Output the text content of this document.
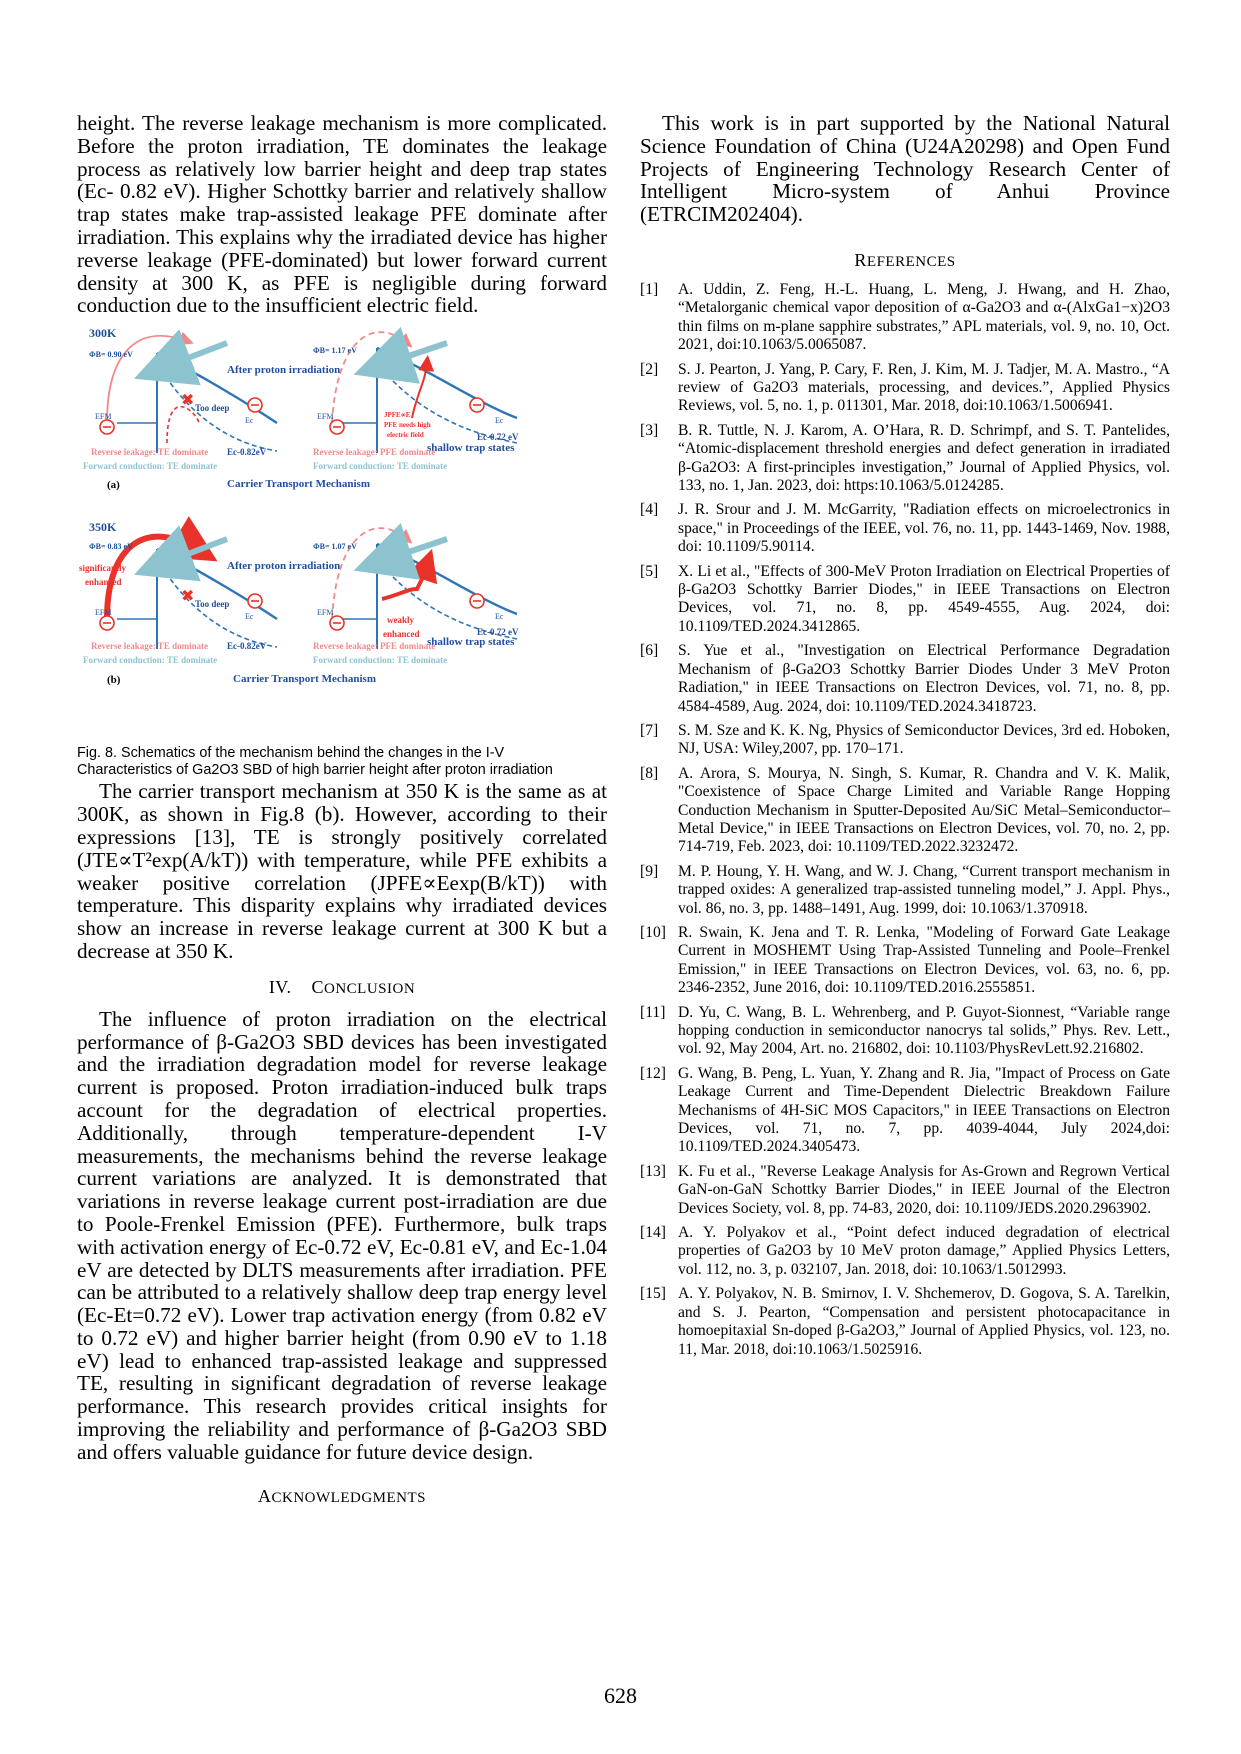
height. The reverse leakage mechanism is more complicated. Before the proton irradiation, TE dominates the leakage process as relatively low barrier height and deep trap states (Ec- 0.82 eV). Higher Schottky barrier and relatively shallow trap states make trap-assisted leakage PFE dominate after irradiation. This explains why the irradiated device has higher reverse leakage (PFE-dominated) but lower forward current density at 300 K, as PFE is negligible during forward conduction due to the insufficient electric field.

300K
✖
ΦB= 0.90 eV
Too deep
Ec
EFM
Ec-0.82eV
Reverse leakage: TE dominate
Forward conduction: TE dominate
After proton irradiation
ΦB= 1.17 eV
Ec
EFM	JPFE∝E
PFE needs high
electric field	Ec-0.72 eV
shallow trap states
Reverse leakage: PFE dominate
Forward conduction: TE dominate
(a)	Carrier Transport Mechanism
350K
✖
ΦB= 0.83 eV
significantly
enhanced
Too deep
Ec
EFM
Ec-0.82eV
Reverse leakage: TE dominate
Forward conduction: TE dominate
After proton irradiation
ΦB= 1.07 eV
Ec
EFM
weakly
enhanced	Ec-0.72 eV
shallow trap states
Reverse leakage: PFE dominate
Forward conduction: TE dominate
(b)	Carrier Transport Mechanism
Fig. 8. Schematics of the mechanism behind the changes in the I-V
Characteristics of Ga2O3 SBD of high barrier height after proton irradiation

The carrier transport mechanism at 350 K is the same as at 300K, as shown in Fig.8 (b). However, according to their expressions [13], TE is strongly positively correlated (JTE∝T²exp(A/kT)) with temperature, while PFE exhibits a weaker positive correlation (JPFE∝Eexp(B/kT)) with temperature. This disparity explains why irradiated devices show an increase in reverse leakage current at 300 K but a decrease at 350 K.

IV. CONCLUSION

The influence of proton irradiation on the electrical performance of β-Ga2O3 SBD devices has been investigated and the irradiation degradation model for reverse leakage current is proposed. Proton irradiation-induced bulk traps account for the degradation of electrical properties. Additionally, through temperature-dependent I-V measurements, the mechanisms behind the reverse leakage current variations are analyzed. It is demonstrated that variations in reverse leakage current post-irradiation are due to Poole-Frenkel Emission (PFE). Furthermore, bulk traps with activation energy of Ec-0.72 eV, Ec-0.81 eV, and Ec-1.04 eV are detected by DLTS measurements after irradiation. PFE can be attributed to a relatively shallow deep trap energy level (Ec-Et=0.72 eV). Lower trap activation energy (from 0.82 eV to 0.72 eV) and higher barrier height (from 0.90 eV to 1.18 eV) lead to enhanced trap-assisted leakage and suppressed TE, resulting in significant degradation of reverse leakage performance. This research provides critical insights for improving the reliability and performance of β-Ga2O3 SBD and offers valuable guidance for future device design.

ACKNOWLEDGMENTS

This work is in part supported by the National Natural Science Foundation of China (U24A20298) and Open Fund Projects of Engineering Technology Research Center of Intelligent Micro-system of Anhui Province (ETRCIM202404).

REFERENCES
[1]	A. Uddin, Z. Feng, H.-L. Huang, L. Meng, J. Hwang, and H. Zhao, “Metalorganic chemical vapor deposition of α-Ga2O3 and α-(AlxGa1−x)2O3 thin films on m-plane sapphire substrates,” APL materials, vol. 9, no. 10, Oct. 2021, doi:10.1063/5.0065087.
[2]	S. J. Pearton, J. Yang, P. Cary, F. Ren, J. Kim, M. J. Tadjer, M. A. Mastro., “A review of Ga2O3 materials, processing, and devices.”, Applied Physics Reviews, vol. 5, no. 1, p. 011301, Mar. 2018, doi:10.1063/1.5006941.
[3]	B. R. Tuttle, N. J. Karom, A. O’Hara, R. D. Schrimpf, and S. T. Pantelides, “Atomic-displacement threshold energies and defect generation in irradiated β-Ga2O3: A first-principles investigation,” Journal of Applied Physics, vol. 133, no. 1, Jan. 2023, doi: https:10.1063/5.0124285.
[4]	J. R. Srour and J. M. McGarrity, "Radiation effects on microelectronics in space," in Proceedings of the IEEE, vol. 76, no. 11, pp. 1443-1469, Nov. 1988, doi: 10.1109/5.90114.
[5]	X. Li et al., "Effects of 300-MeV Proton Irradiation on Electrical Properties of β-Ga2O3 Schottky Barrier Diodes," in IEEE Transactions on Electron Devices, vol. 71, no. 8, pp. 4549-4555, Aug. 2024, doi: 10.1109/TED.2024.3412865.
[6]	S. Yue et al., "Investigation on Electrical Performance Degradation Mechanism of β-Ga2O3 Schottky Barrier Diodes Under 3 MeV Proton Radiation," in IEEE Transactions on Electron Devices, vol. 71, no. 8, pp. 4584-4589, Aug. 2024, doi: 10.1109/TED.2024.3418723.
[7]	S. M. Sze and K. K. Ng, Physics of Semiconductor Devices, 3rd ed. Hoboken, NJ, USA: Wiley,2007, pp. 170–171.
[8]	A. Arora, S. Mourya, N. Singh, S. Kumar, R. Chandra and V. K. Malik, "Coexistence of Space Charge Limited and Variable Range Hopping Conduction Mechanism in Sputter-Deposited Au/SiC Metal–Semiconductor–Metal Device," in IEEE Transactions on Electron Devices, vol. 70, no. 2, pp. 714-719, Feb. 2023, doi: 10.1109/TED.2022.3232472.
[9]	M. P. Houng, Y. H. Wang, and W. J. Chang, “Current transport mechanism in trapped oxides: A generalized trap-assisted tunneling model,” J. Appl. Phys., vol. 86, no. 3, pp. 1488–1491, Aug. 1999, doi: 10.1063/1.370918.
[10] R. Swain, K. Jena and T. R. Lenka, "Modeling of Forward Gate Leakage Current in MOSHEMT Using Trap-Assisted Tunneling and Poole–Frenkel Emission," in IEEE Transactions on Electron Devices, vol. 63, no. 6, pp. 2346-2352, June 2016, doi: 10.1109/TED.2016.2555851.
[11] D. Yu, C. Wang, B. L. Wehrenberg, and P. Guyot-Sionnest, “Variable range hopping conduction in semiconductor nanocrys tal solids,” Phys. Rev. Lett., vol. 92, May 2004, Art. no. 216802, doi: 10.1103/PhysRevLett.92.216802.
[12] G. Wang, B. Peng, L. Yuan, Y. Zhang and R. Jia, "Impact of Process on Gate Leakage Current and Time-Dependent Dielectric Breakdown Failure Mechanisms of 4H-SiC MOS Capacitors," in IEEE Transactions on Electron Devices, vol. 71, no. 7, pp. 4039-4044, July 2024,doi: 10.1109/TED.2024.3405473.
[13] K. Fu et al., "Reverse Leakage Analysis for As-Grown and Regrown Vertical GaN-on-GaN Schottky Barrier Diodes," in IEEE Journal of the Electron Devices Society, vol. 8, pp. 74-83, 2020, doi: 10.1109/JEDS.2020.2963902.
[14] A. Y. Polyakov et al., “Point defect induced degradation of electrical properties of Ga2O3 by 10 MeV proton damage,” Applied Physics Letters, vol. 112, no. 3, p. 032107, Jan. 2018, doi: 10.1063/1.5012993.
[15] A. Y. Polyakov, N. B. Smirnov, I. V. Shchemerov, D. Gogova, S. A. Tarelkin, and S. J. Pearton, “Compensation and persistent photocapacitance in homoepitaxial Sn-doped β-Ga2O3,” Journal of Applied Physics, vol. 123, no. 11, Mar. 2018, doi:10.1063/1.5025916.
628
